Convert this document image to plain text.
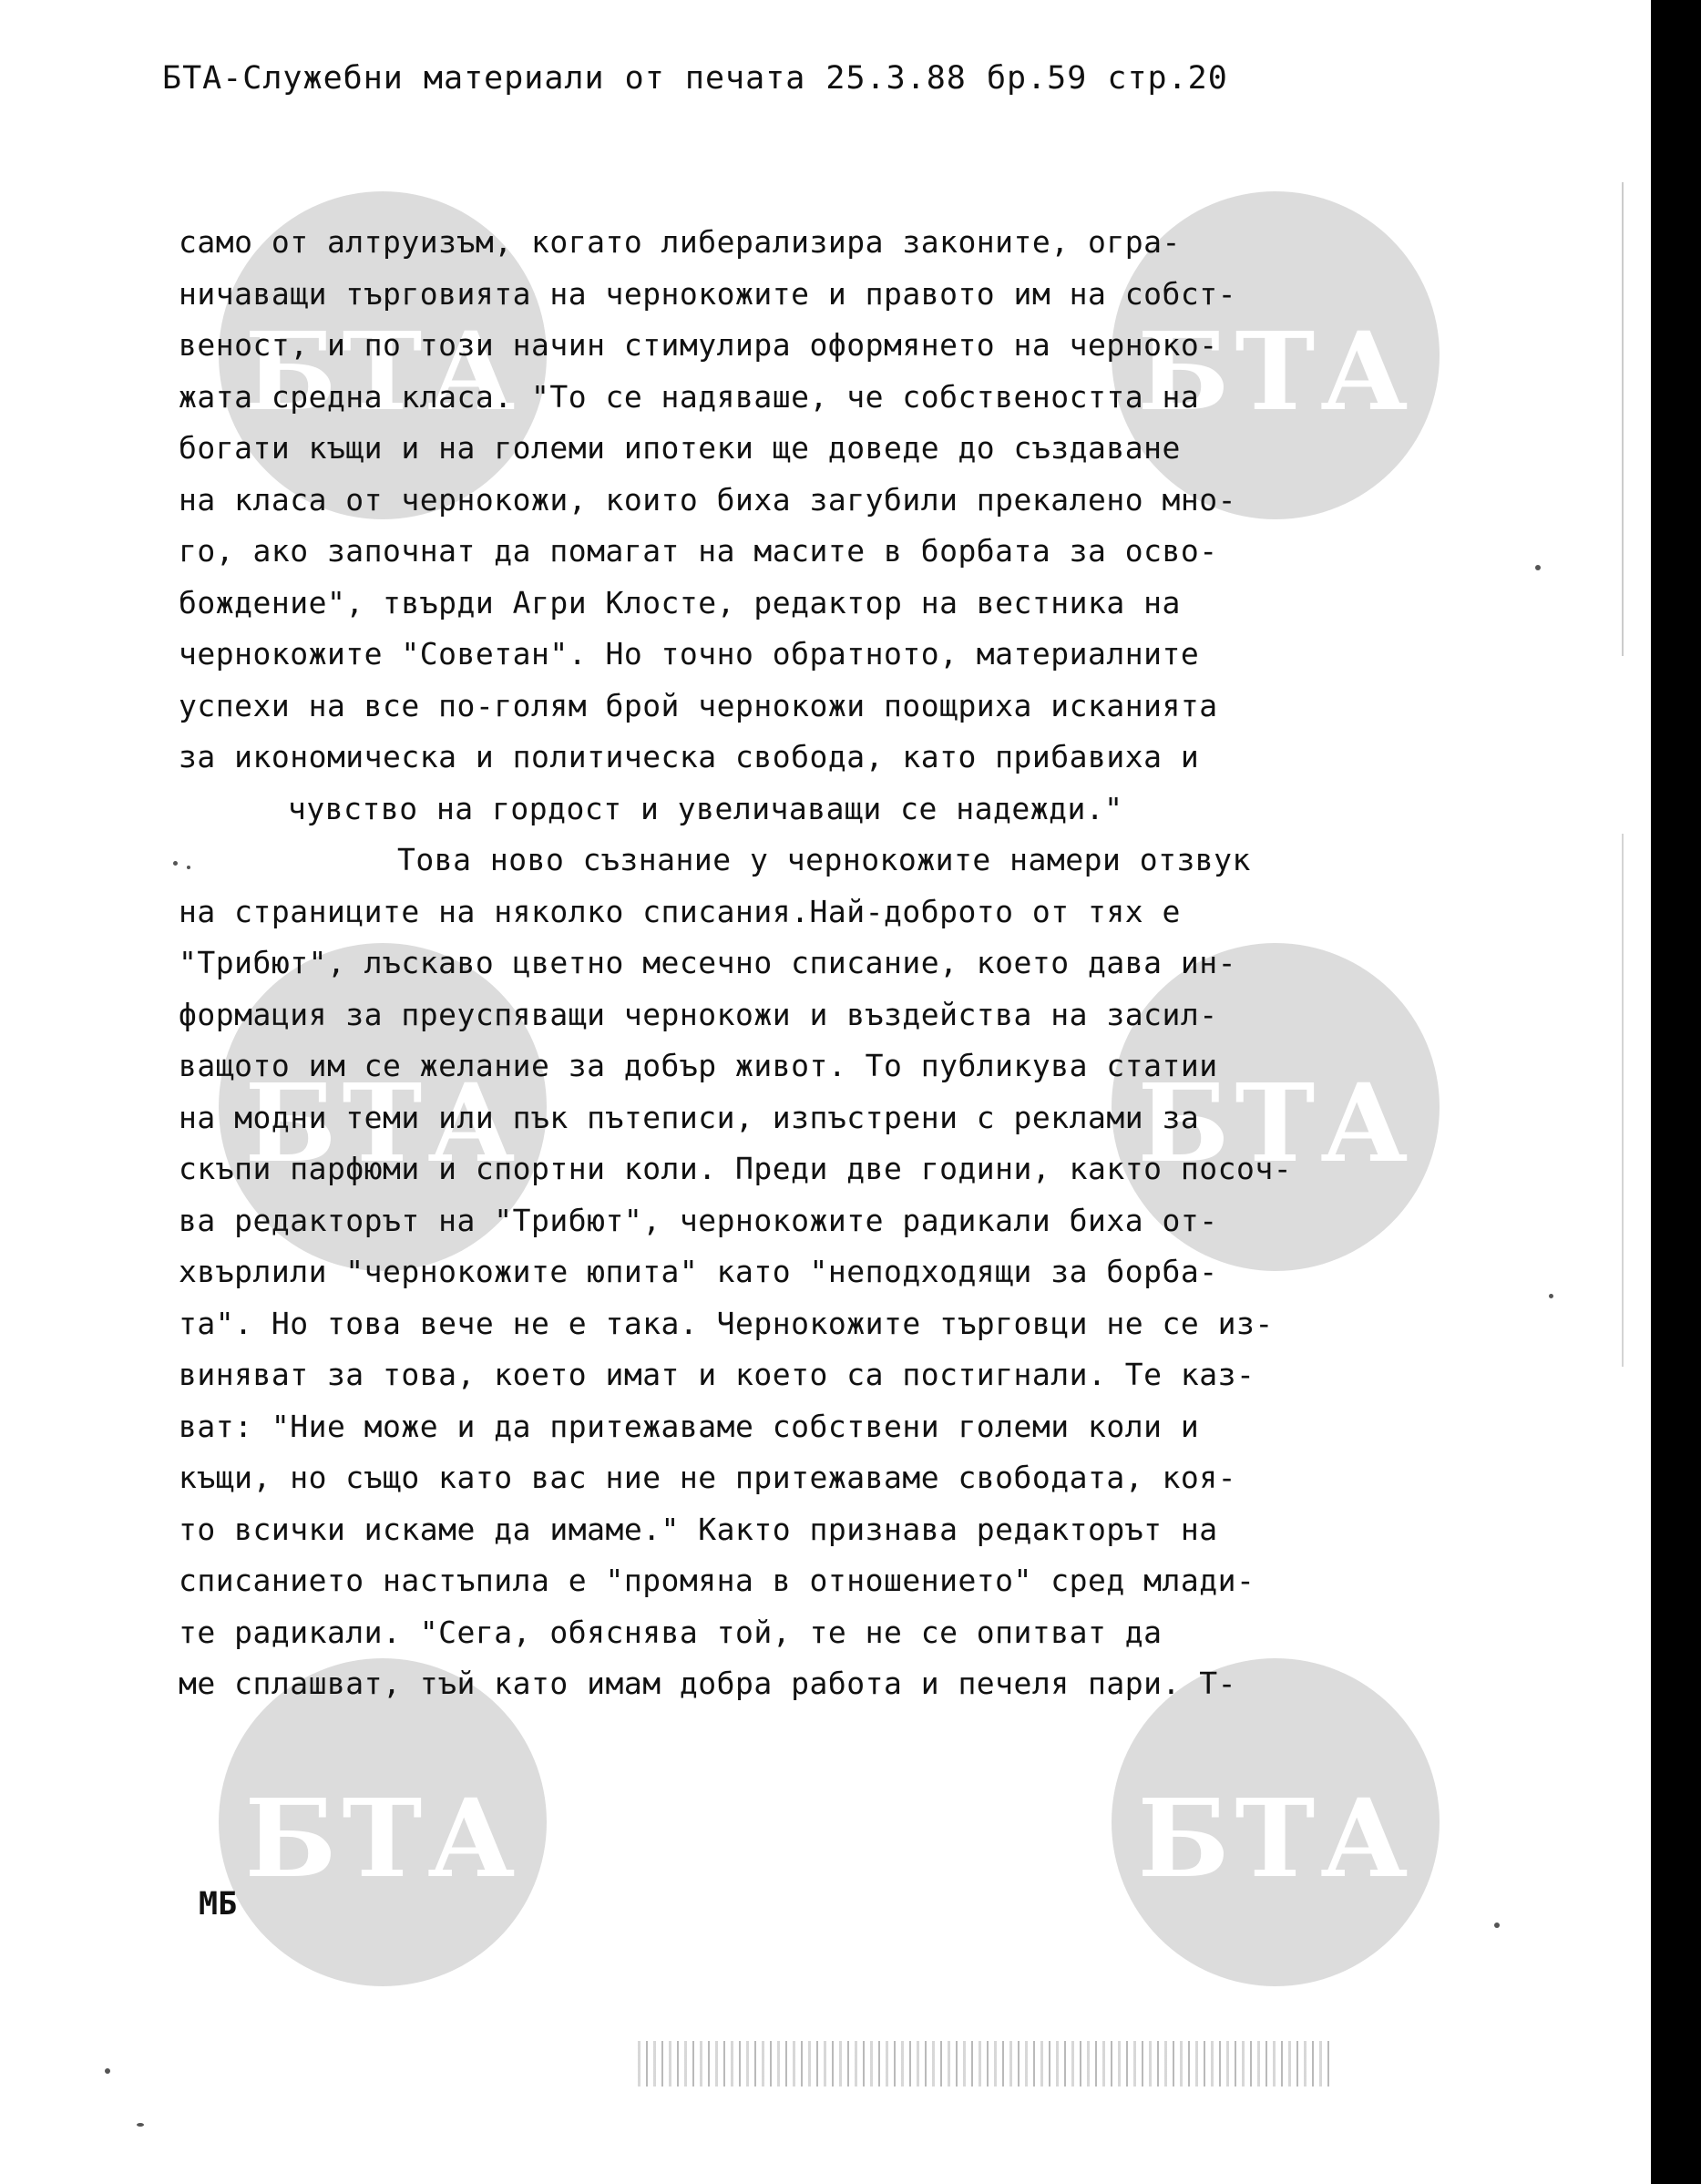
БТА	БТА
БТА	БТА
БТА	БТА
БТА-Служебни материали от печата 25.3.88 бр.59 стр.20
само от алтруизъм, когато либерализира законите, огра-
ничаващи търговията на чернокожите и правото им на собст-
веност, и по този начин стимулира оформянето на черноко-
жата средна класа. "То се надяваше, че собствеността на
богати къщи и на големи ипотеки ще доведе до създаване
на класа от чернокожи, които биха загубили прекалено мно-
го, ако започнат да помагат на масите в борбата за осво-
бождение", твърди Агри Клосте, редактор на вестника на
чернокожите "Советан". Но точно обратното, материалните
успехи на все по-голям брой чернокожи поощриха исканията
за икономическа и политическа свобода, като прибавиха и
чувство на гордост и увеличаващи се надежди."
Това ново съзнание у чернокожите намери отзвук
на страниците на няколко списания.Най-доброто от тях е
"Трибют", лъскаво цветно месечно списание, което дава ин-
формация за преуспяващи чернокожи и въздейства на засил-
ващото им се желание за добър живот. То публикува статии
на модни теми или пък пътеписи, изпъстрени с реклами за
скъпи парфюми и спортни коли. Преди две години, както посоч-
ва редакторът на "Трибют", чернокожите радикали биха от-
хвърлили "чернокожите юпита" като "неподходящи за борба-
та". Но това вече не е така. Чернокожите търговци не се из-
виняват за това, което имат и което са постигнали. Те каз-
ват: "Ние може и да притежаваме собствени големи коли и
къщи, но също като вас ние не притежаваме свободата, коя-
то всички искаме да имаме." Както признава редакторът на
списанието настъпила е "промяна в отношението" сред млади-
те радикали. "Сега, обяснява той, те не се опитват да
ме сплашват, тъй като имам добра работа и печеля пари. Т-
МБ
